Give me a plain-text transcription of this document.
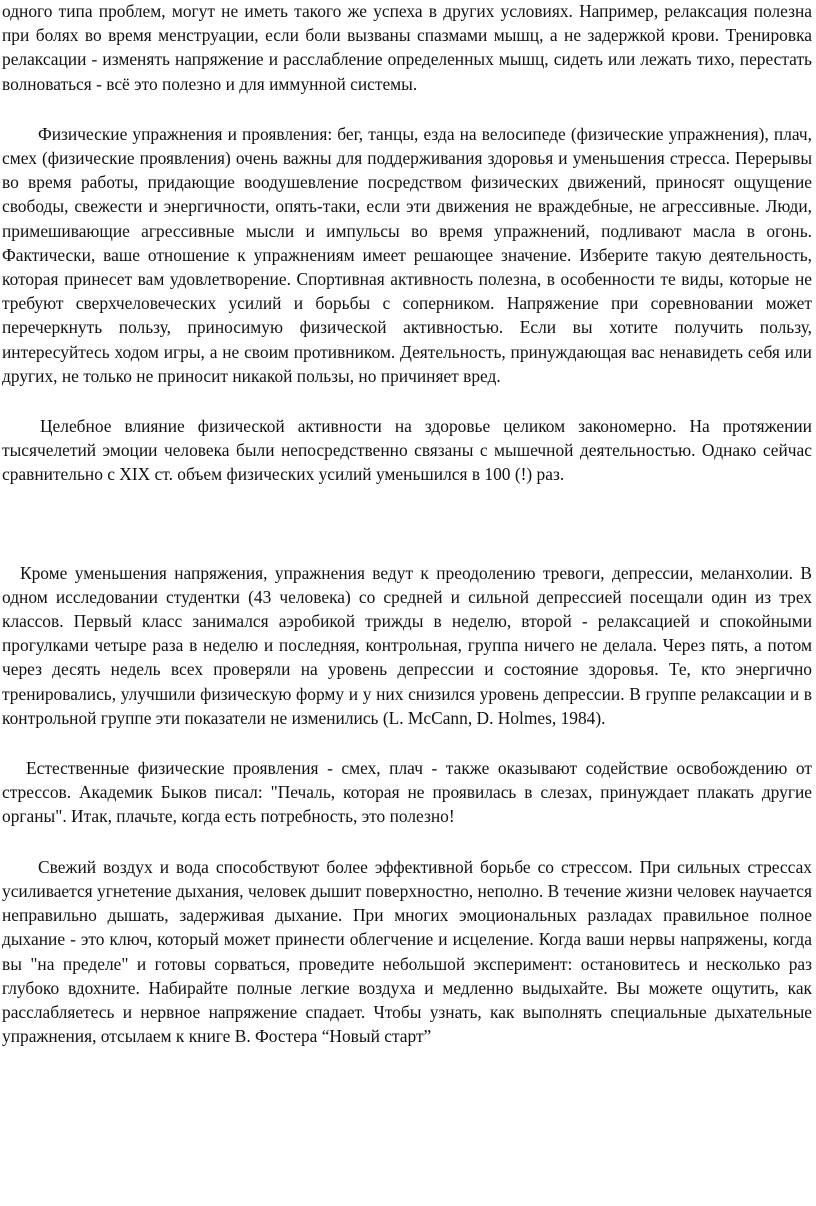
одного типа проблем, могут не иметь такого же успеха в других условиях. Например, релаксация полезна при болях во время менструации, если боли вызваны спазмами мышц, а не задержкой крови. Тренировка релаксации - изменять напряжение и расслабление определенных мышц, сидеть или лежать тихо, перестать волноваться - всё это полезно и для иммунной системы.

Физические упражнения и проявления: бег, танцы, езда на велосипеде (физические упражнения), плач, смех (физические проявления) очень важны для поддерживания здоровья и уменьшения стресса. Перерывы во время работы, придающие воодушевление посредством физических движений, приносят ощущение свободы, свежести и энергичности, опять-таки, если эти движения не враждебные, не агрессивные. Люди, примешивающие агрессивные мысли и импульсы во время упражнений, подливают масла в огонь. Фактически, ваше отношение к упражнениям имеет решающее значение. Изберите такую деятельность, которая принесет вам удовлетворение. Спортивная активность полезна, в особенности те виды, которые не требуют сверхчеловеческих усилий и борьбы с соперником. Напряжение при соревновании может перечеркнуть пользу, приносимую физической активностью. Если вы хотите получить пользу, интересуйтесь ходом игры, а не своим противником. Деятельность, принуждающая вас ненавидеть себя или других, не только не приносит никакой пользы, но причиняет вред.

Целебное влияние физической активности на здоровье целиком закономерно. На протяжении тысячелетий эмоции человека были непосредственно связаны с мышечной деятельностью. Однако сейчас сравнительно с XIX ст. объем физических усилий уменьшился в 100 (!) раз.

Кроме уменьшения напряжения, упражнения ведут к преодолению тревоги, депрессии, меланхолии. В одном исследовании студентки (43 человека) со средней и сильной депрессией посещали один из трех классов. Первый класс занимался аэробикой трижды в неделю, второй - релаксацией и спокойными прогулками четыре раза в неделю и последняя, контрольная, группа ничего не делала. Через пять, а потом через десять недель всех проверяли на уровень депрессии и состояние здоровья. Те, кто энергично тренировались, улучшили физическую форму и у них снизился уровень депрессии. В группе релаксации и в контрольной группе эти показатели не изменились (L. McCann, D. Holmes, 1984).

Естественные физические проявления - смех, плач - также оказывают содействие освобождению от стрессов. Академик Быков писал: "Печаль, которая не проявилась в слезах, принуждает плакать другие органы". Итак, плачьте, когда есть потребность, это полезно!

Свежий воздух и вода способствуют более эффективной борьбе со стрессом. При сильных стрессах усиливается угнетение дыхания, человек дышит поверхностно, неполно. В течение жизни человек научается неправильно дышать, задерживая дыхание. При многих эмоциональных разладах правильное полное дыхание - это ключ, который может принести облегчение и исцеление. Когда ваши нервы напряжены, когда вы "на пределе" и готовы сорваться, проведите небольшой эксперимент: остановитесь и несколько раз глубоко вдохните. Набирайте полные легкие воздуха и медленно выдыхайте. Вы можете ощутить, как расслабляетесь и нервное напряжение спадает. Чтобы узнать, как выполнять специальные дыхательные упражнения, отсылаем к книге В. Фостера “Новый старт”
